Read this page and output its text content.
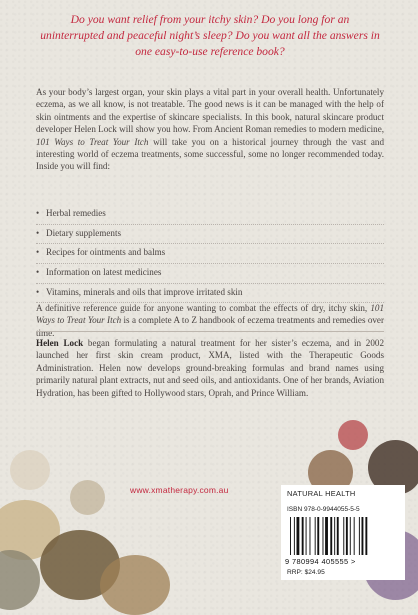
Do you want relief from your itchy skin? Do you long for an uninterrupted and peaceful night’s sleep? Do you want all the answers in one easy-to-use reference book?
As your body’s largest organ, your skin plays a vital part in your overall health. Unfortunately eczema, as we all know, is not treatable. The good news is it can be managed with the help of skin ointments and the expertise of skincare specialists. In this book, natural skincare product developer Helen Lock will show you how. From Ancient Roman remedies to modern medicine, 101 Ways to Treat Your Itch will take you on a historical journey through the vast and interesting world of eczema treatments, some successful, some no longer recommended today. Inside you will find:
• Herbal remedies
• Dietary supplements
• Recipes for ointments and balms
• Information on latest medicines
• Vitamins, minerals and oils that improve irritated skin
A definitive reference guide for anyone wanting to combat the effects of dry, itchy skin, 101 Ways to Treat Your Itch is a complete A to Z handbook of eczema treatments and remedies over time.
Helen Lock began formulating a natural treatment for her sister’s eczema, and in 2002 launched her first skin cream product, XMA, listed with the Therapeutic Goods Administration. Helen now develops ground-breaking formulas and brand names using primarily natural plant extracts, nut and seed oils, and antioxidants. One of her brands, Aviation Hydration, has been gifted to Hollywood stars, Oprah, and Prince William.
www.xmatherapy.com.au	NATURAL HEALTH
ISBN 978-0-9944055-5-5
9 780994 405555 >
RRP: $24.95
